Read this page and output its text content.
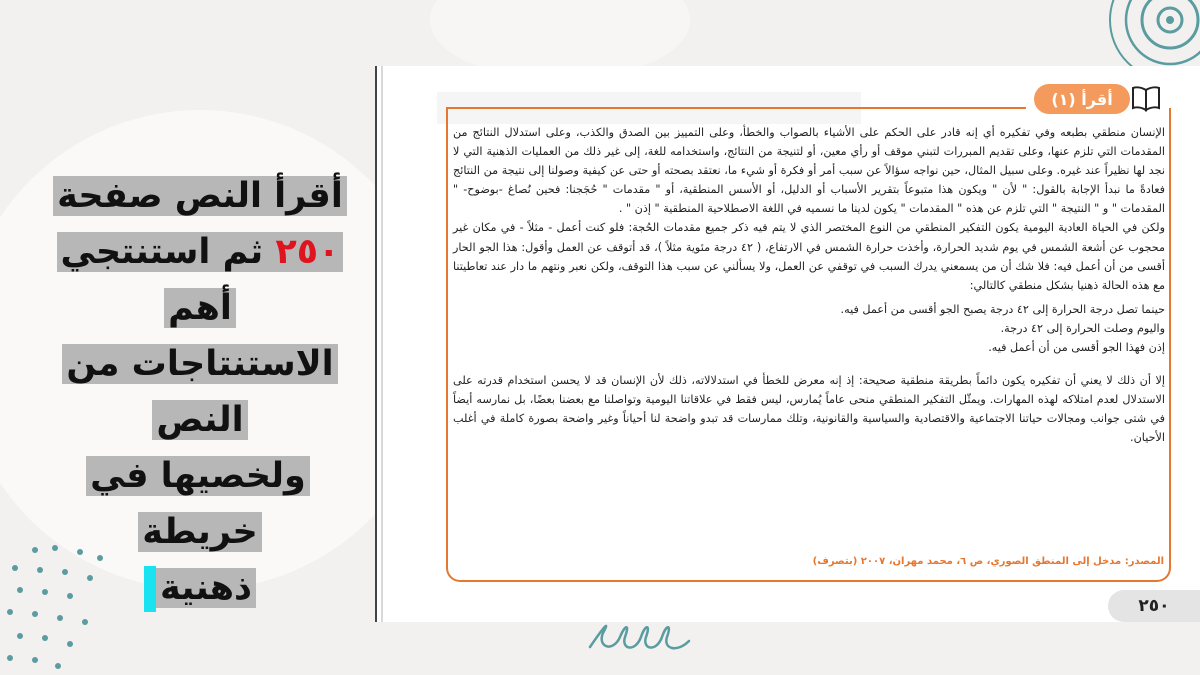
أقرأ النص صفحة
٢٥٠ ثم استنتجي أهم
الاستنتاجات من النص
ولخصيها في خريطة
ذهنية
أقرأ (١)

الإنسان منطقي بطبعه وفي تفكيره أي إنه قادر على الحكم على الأشياء بالصواب والخطأ، وعلى التمييز بين الصدق والكذب، وعلى استدلال النتائج من المقدمات التي تلزم عنها، وعلى تقديم المبررات لتبني موقف أو رأي معين، أو لتنيجة من النتائج، واستخدامه للغة، إلى غير ذلك من العمليات الذهنية التي لا نجد لها نظيراً عند غيره. وعلى سبيل المثال، حين نواجه سؤالاً عن سبب أمر أو فكرة أو شيء ما، نعتقد بصحته أو حتى عن كيفية وصولنا إلى نتيجة من النتائج فعادةً ما نبدأ الإجابة بالقول: " لأن " ويكون هذا متبوعاً بتقرير الأسباب أو الدليل، أو الأسس المنطقية، أو " مقدمات " حُجَجنا: فحين نُصاغ -بوضوح- " المقدمات " و " النتيجة " التي تلزم عن هذه " المقدمات " يكون لدينا ما نسميه في اللغة الاصطلاحية المنطقية " إذن " .

ولكن في الحياة العادية اليومية يكون التفكير المنطقي من النوع المختصر الذي لا يتم فيه ذكر جميع مقدمات الحُجة: فلو كنت أعمل - مثلاً - في مكان غير محجوب عن أشعة الشمس في يوم شديد الحرارة، وأخذت حرارة الشمس في الارتفاع، ( ٤٢ درجة مئوية مثلاً )، قد أتوقف عن العمل وأقول: هذا الجو الحار أقسى من أن أعمل فيه: فلا شك أن من يسمعني يدرك السبب في توقفي عن العمل، ولا يسألني عن سبب هذا التوقف، ولكن نعبر ونتهم ما دار عند تعاطيتنا مع هذه الحالة ذهنيا بشكل منطقي كالتالي:

حينما تصل درجة الحرارة إلى ٤٢ درجة يصبح الجو أقسى من أعمل فيه.

واليوم وصلت الحرارة إلى ٤٢ درجة.

إذن فهذا الجو أقسى من أن أعمل فيه.

إلا أن ذلك لا يعني أن تفكيره يكون دائماً بطريقة منطقية صحيحة: إذ إنه معرض للخطأ في استدلالاته، ذلك لأن الإنسان قد لا يحسن استخدام قدرته على الاستدلال لعدم امتلاكه لهذه المهارات. ويمثّل التفكير المنطقي منحى عاماً يُمارس، ليس فقط في علاقاتنا اليومية وتواصلنا مع بعضنا بعضًا، بل نمارسه أيضاً في شتى جوانب ومجالات حياتنا الاجتماعية والاقتصادية والسياسية والقانونية، وتلك ممارسات قد تبدو واضحة لنا أحياناً وغير واضحة بصورة كاملة في أغلب الأحيان.

المصدر: مدخل إلى المنطق الصوري، ص ٦، محمد مهران، ٢٠٠٧ (بتصرف)
٢٥٠
